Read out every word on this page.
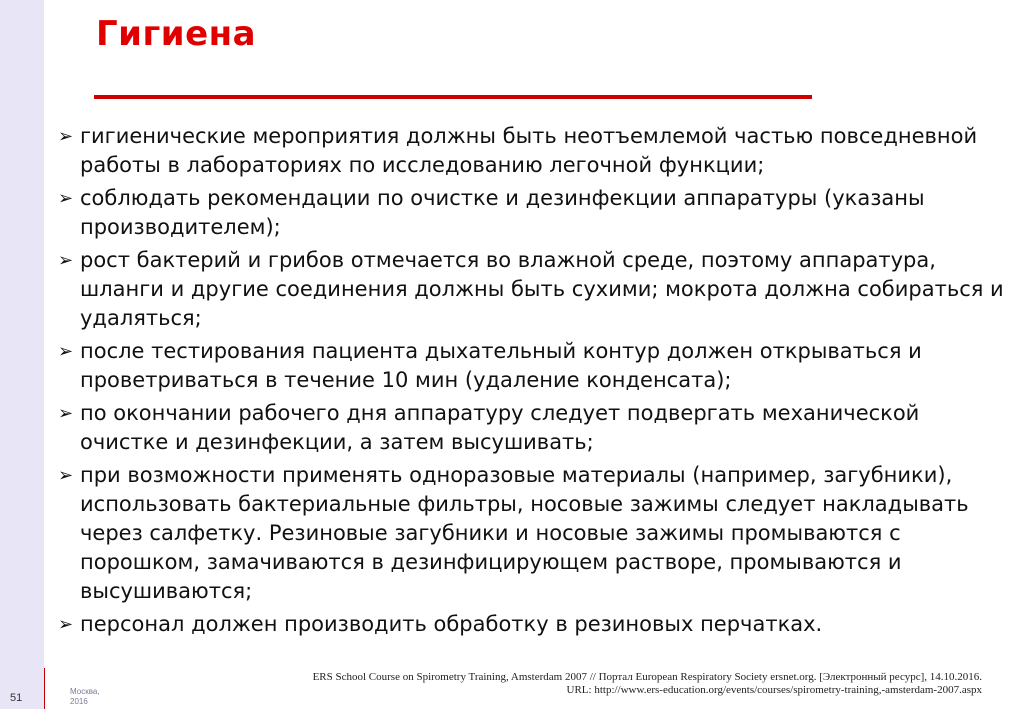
Гигиена
➢ гигиенические мероприятия должны быть неотъемлемой частью повседневной работы в лабораториях по исследованию легочной функции;
➢ соблюдать рекомендации по очистке и дезинфекции аппаратуры (указаны производителем);
➢ рост бактерий и грибов отмечается во влажной среде, поэтому аппаратура, шланги и другие соединения должны быть сухими; мокрота должна собираться и удаляться;
➢ после тестирования пациента дыхательный контур должен открываться и проветриваться в течение 10 мин (удаление конденсата);
➢ по окончании рабочего дня аппаратуру следует подвергать механической очистке и дезинфекции, а затем высушивать;
➢ при возможности применять одноразовые материалы (например, загубники), использовать бактериальные фильтры, носовые зажимы следует накладывать через салфетку. Резиновые загубники и носовые зажимы промываются с порошком, замачиваются в дезинфицирующем растворе, промываются и высушиваются;
➢ персонал должен производить обработку в резиновых перчатках.
ERS School Course on Spirometry Training, Amsterdam 2007 // Портал European Respiratory Society ersnet.org. [Электронный ресурс], 14.10.2016.
URL: http://www.ers-education.org/events/courses/spirometry-training,-amsterdam-2007.aspx
51
Москва,
2016
